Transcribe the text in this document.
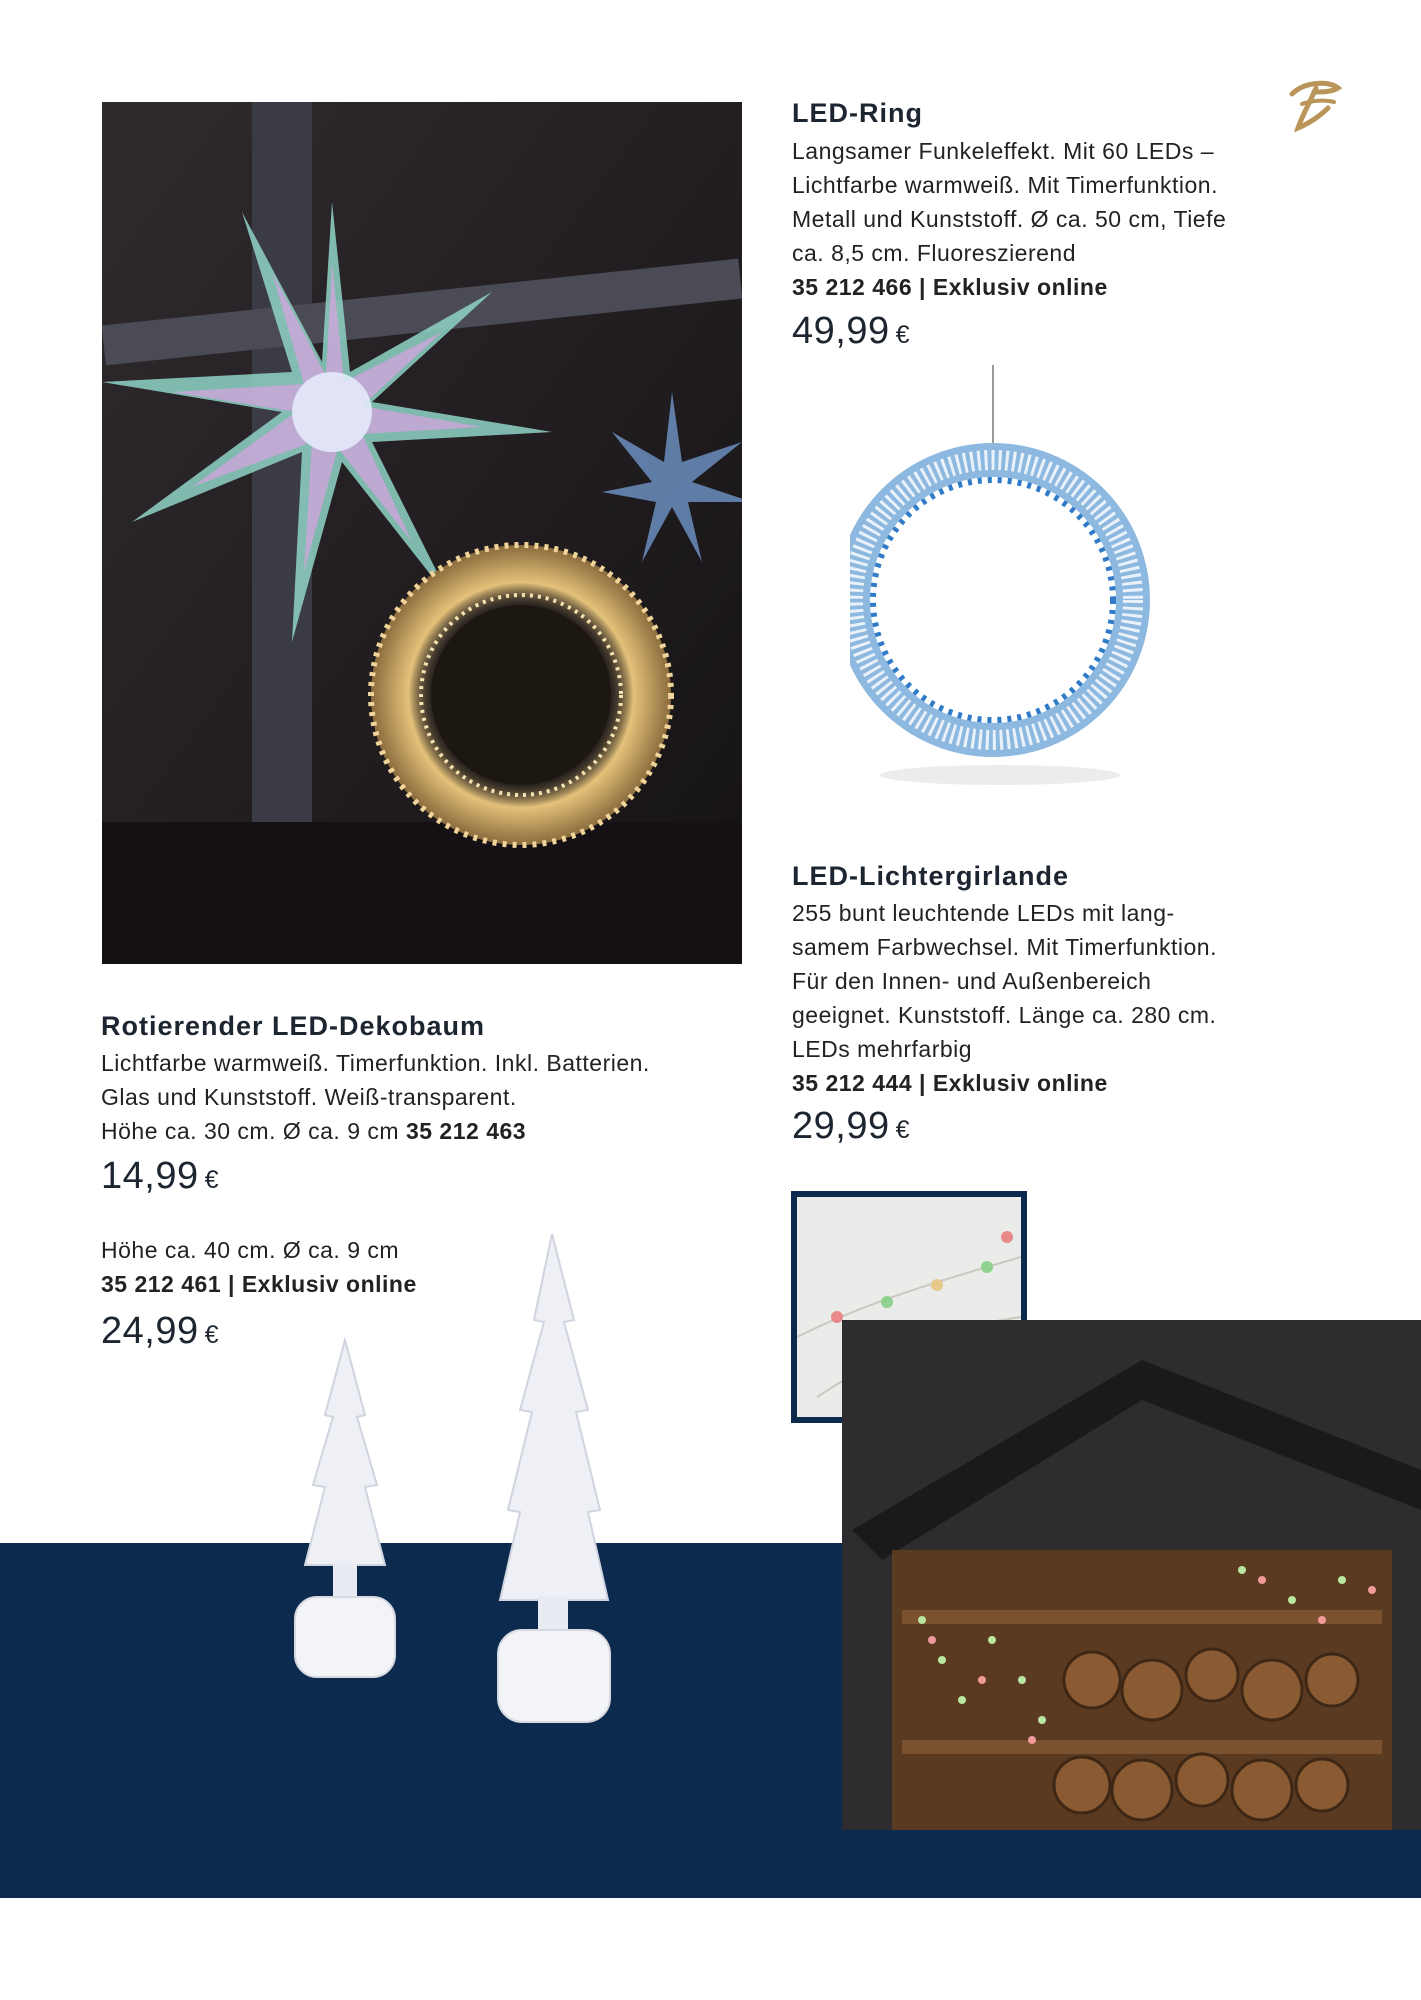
LED-Ring
Langsamer Funkeleffekt. Mit 60 LEDs –
Lichtfarbe warmweiß. Mit Timerfunktion.
Metall und Kunststoff. Ø ca. 50 cm, Tiefe
ca. 8,5 cm. Fluoreszierend
35 212 466 | Exklusiv online
49,99 €
LED-Lichtergirlande
255 bunt leuchtende LEDs mit lang-
samem Farbwechsel. Mit Timerfunktion.
Für den Innen- und Außenbereich
geeignet. Kunststoff. Länge ca. 280 cm.
LEDs mehrfarbig
35 212 444 | Exklusiv online
29,99 €
Rotierender LED-Dekobaum
Lichtfarbe warmweiß. Timerfunktion. Inkl. Batterien.
Glas und Kunststoff. Weiß-transparent.
Höhe ca. 30 cm. Ø ca. 9 cm 35 212 463
14,99 €
Höhe ca. 40 cm. Ø ca. 9 cm
35 212 461 | Exklusiv online
24,99 €
